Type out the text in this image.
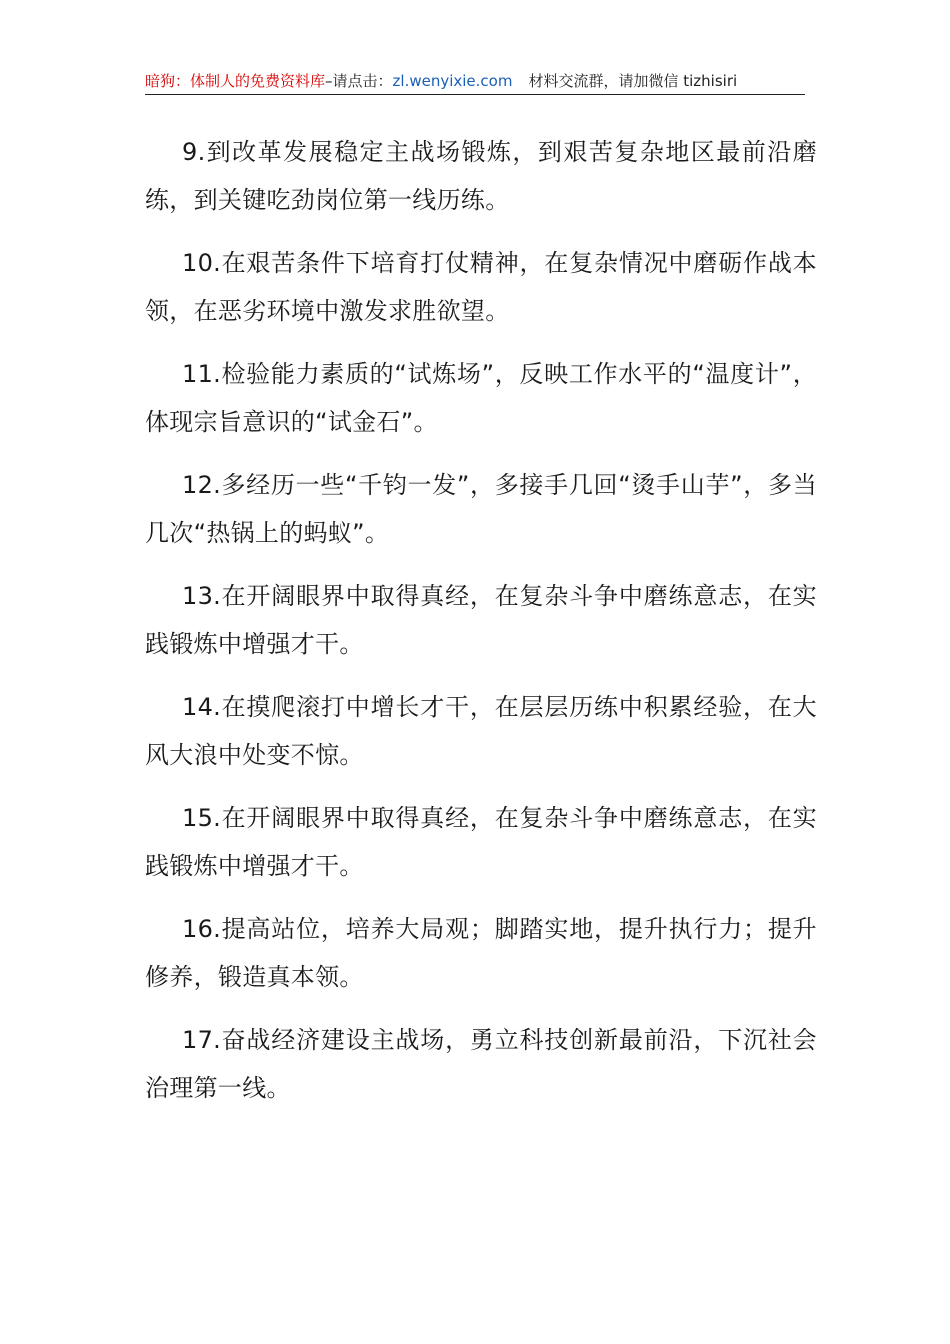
暗狗：体制人的免费资料库–请点击：zl.wenyixie.com 材料交流群，请加微信 tizhisiri

9.到改革发展稳定主战场锻炼，到艰苦复杂地区最前沿磨练，到关键吃劲岗位第一线历练。

10.在艰苦条件下培育打仗精神，在复杂情况中磨砺作战本领，在恶劣环境中激发求胜欲望。

11.检验能力素质的“试炼场”，反映工作水平的“温度计”，体现宗旨意识的“试金石”。

12.多经历一些“千钧一发”，多接手几回“烫手山芋”，多当几次“热锅上的蚂蚁”。

13.在开阔眼界中取得真经，在复杂斗争中磨练意志，在实践锻炼中增强才干。

14.在摸爬滚打中增长才干，在层层历练中积累经验，在大风大浪中处变不惊。

15.在开阔眼界中取得真经，在复杂斗争中磨练意志，在实践锻炼中增强才干。

16.提高站位，培养大局观；脚踏实地，提升执行力；提升修养，锻造真本领。

17.奋战经济建设主战场，勇立科技创新最前沿，下沉社会治理第一线。
